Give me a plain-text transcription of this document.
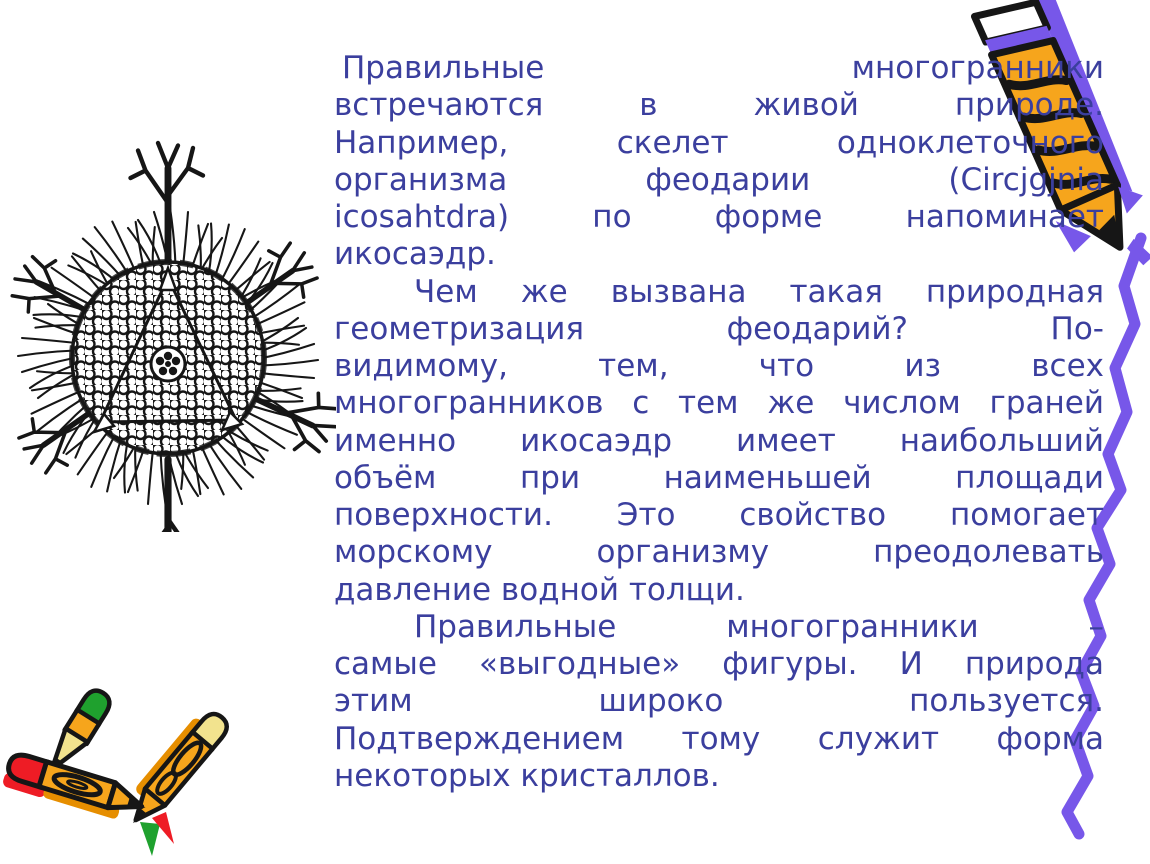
Правильные многогранники
встречаются в живой природе.
Например, скелет одноклеточного
организма феодарии (Circjgjnia
icosahtdra) по форме напоминает
икосаэдр.
Чем же вызвана такая природная
геометризация феодарий? По-
видимому, тем, что из всех
многогранников с тем же числом граней
именно икосаэдр имеет наибольший
объём при наименьшей площади
поверхности. Это свойство помогает
морскому организму преодолевать
давление водной толщи.
Правильные многогранники –
самые «выгодные» фигуры. И природа
этим широко пользуется.
Подтверждением тому служит форма
некоторых кристаллов.
